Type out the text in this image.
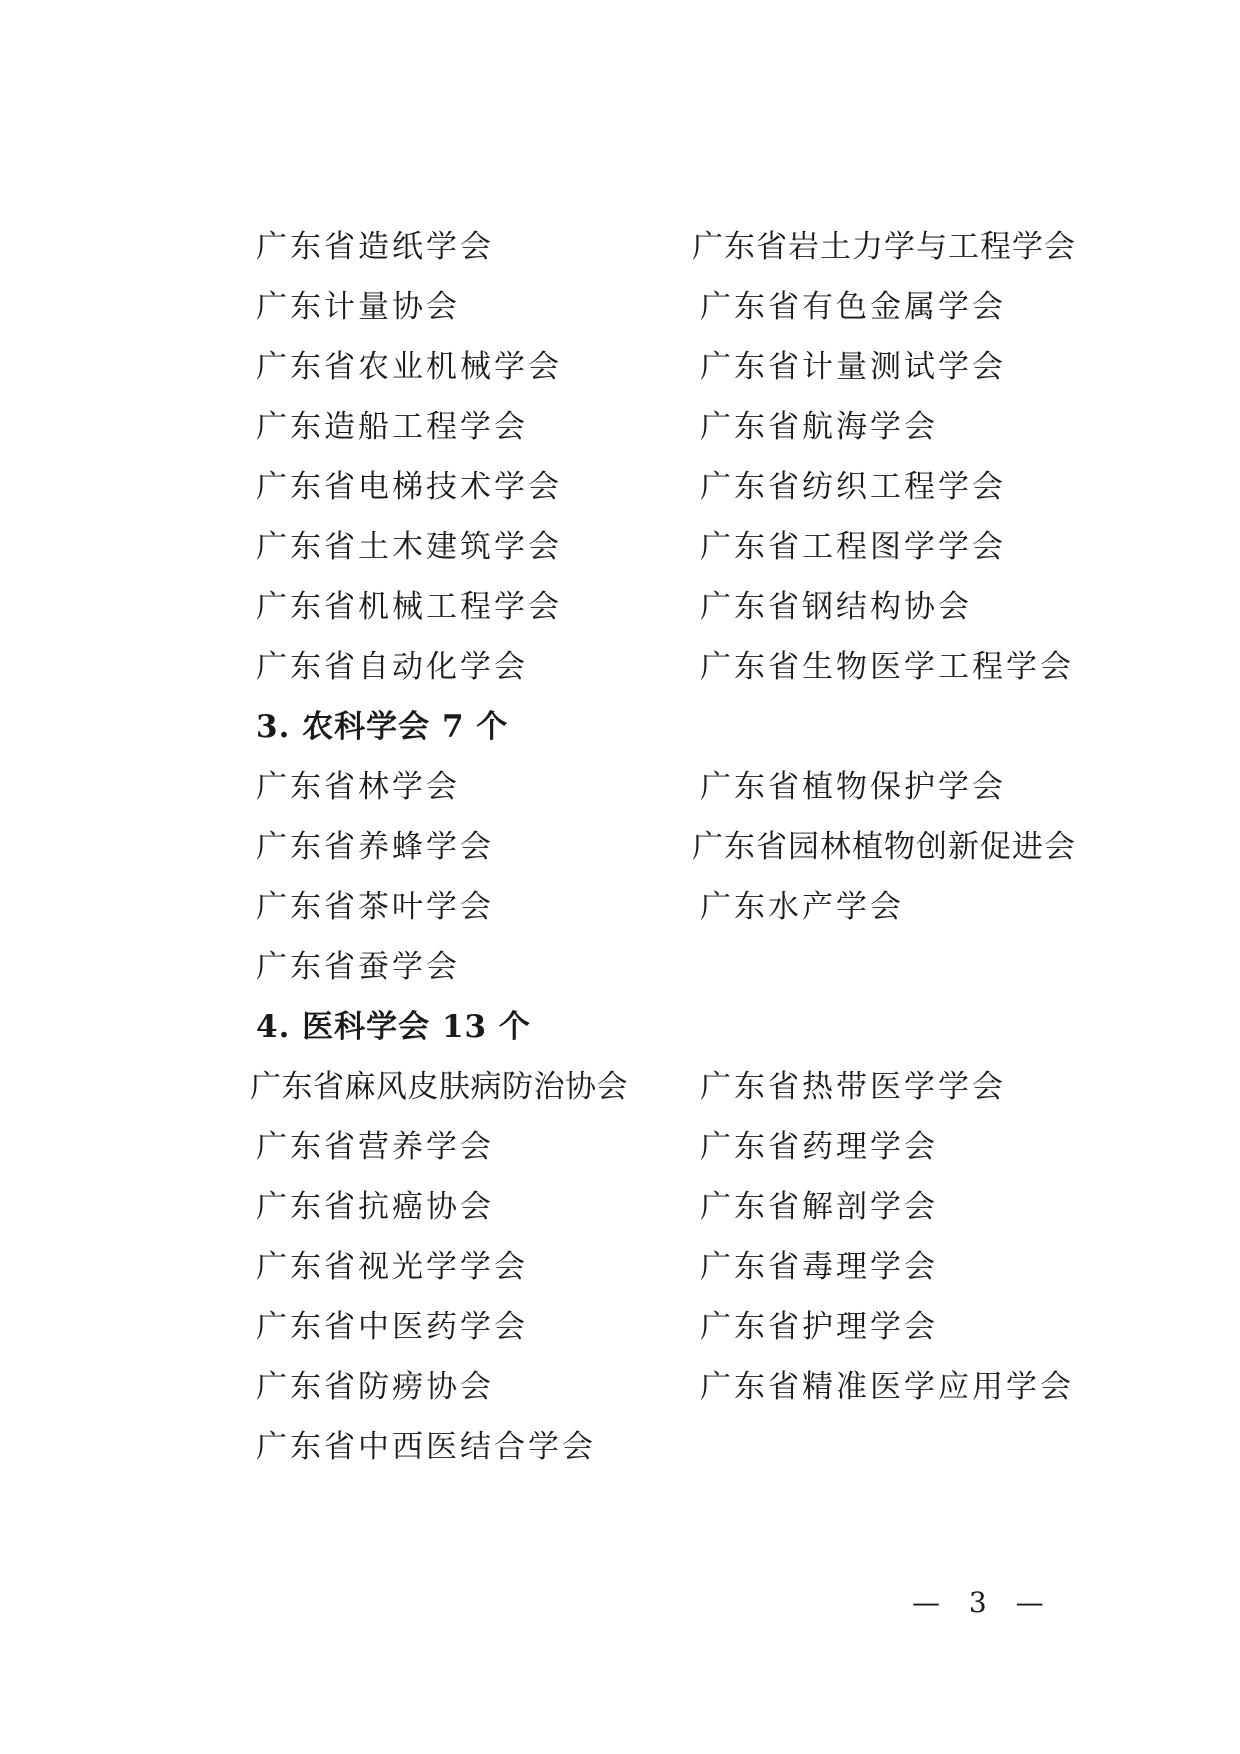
广东省造纸学会	广东省岩土力学与工程学会
广东计量协会	广东省有色金属学会
广东省农业机械学会	广东省计量测试学会
广东造船工程学会	广东省航海学会
广东省电梯技术学会	广东省纺织工程学会
广东省土木建筑学会	广东省工程图学学会
广东省机械工程学会	广东省钢结构协会
广东省自动化学会	广东省生物医学工程学会
3. 农科学会 7 个
广东省林学会	广东省植物保护学会
广东省养蜂学会	广东省园林植物创新促进会
广东省茶叶学会	广东水产学会
广东省蚕学会
4. 医科学会 13 个
广东省麻风皮肤病防治协会 广东省热带医学学会
广东省营养学会	广东省药理学会
广东省抗癌协会	广东省解剖学会
广东省视光学学会	广东省毒理学会
广东省中医药学会	广东省护理学会
广东省防痨协会	广东省精准医学应用学会
广东省中西医结合学会
— 3 —
